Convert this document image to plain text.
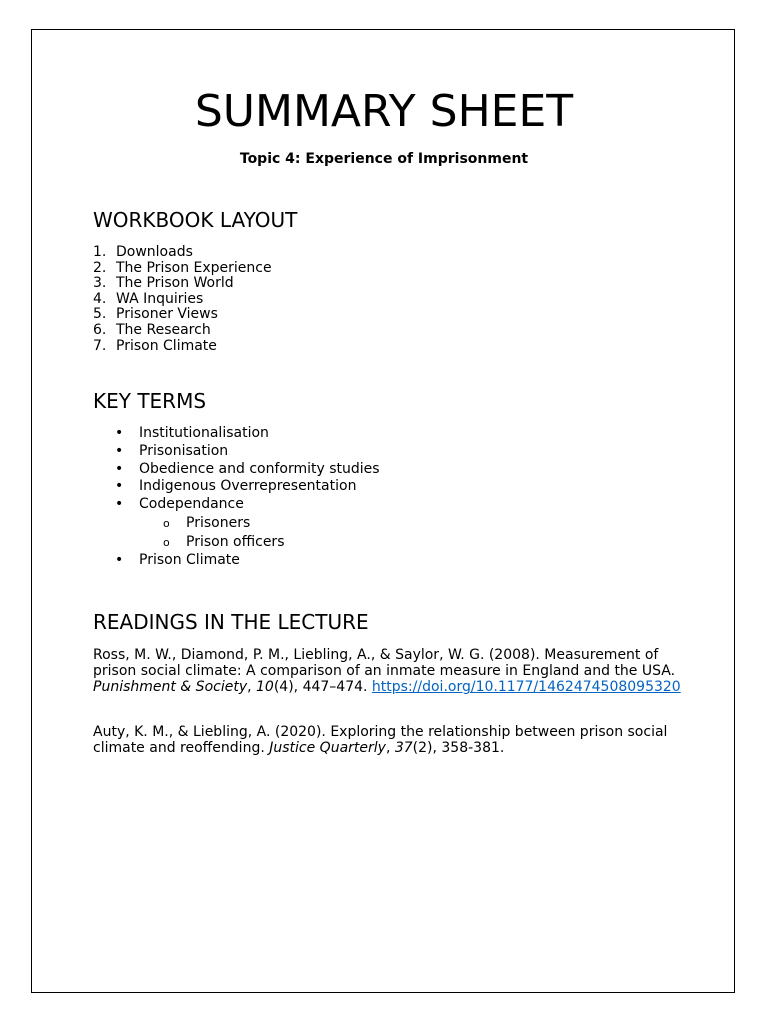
SUMMARY SHEET

Topic 4: Experience of Imprisonment

WORKBOOK LAYOUT
1. Downloads
2. The Prison Experience
3. The Prison World
4. WA Inquiries
5. Prisoner Views
6. The Research
7. Prison Climate
KEY TERMS
• Institutionalisation
• Prisonisation
• Obedience and conformity studies
• Indigenous Overrepresentation
• Codependance
o Prisoners
o Prison officers
• Prison Climate
READINGS IN THE LECTURE

Ross, M. W., Diamond, P. M., Liebling, A., & Saylor, W. G. (2008). Measurement of prison social climate: A comparison of an inmate measure in England and the USA. Punishment & Society, 10(4), 447–474. https://doi.org/10.1177/1462474508095320

Auty, K. M., & Liebling, A. (2020). Exploring the relationship between prison social climate and reoffending. Justice Quarterly, 37(2), 358-381.
